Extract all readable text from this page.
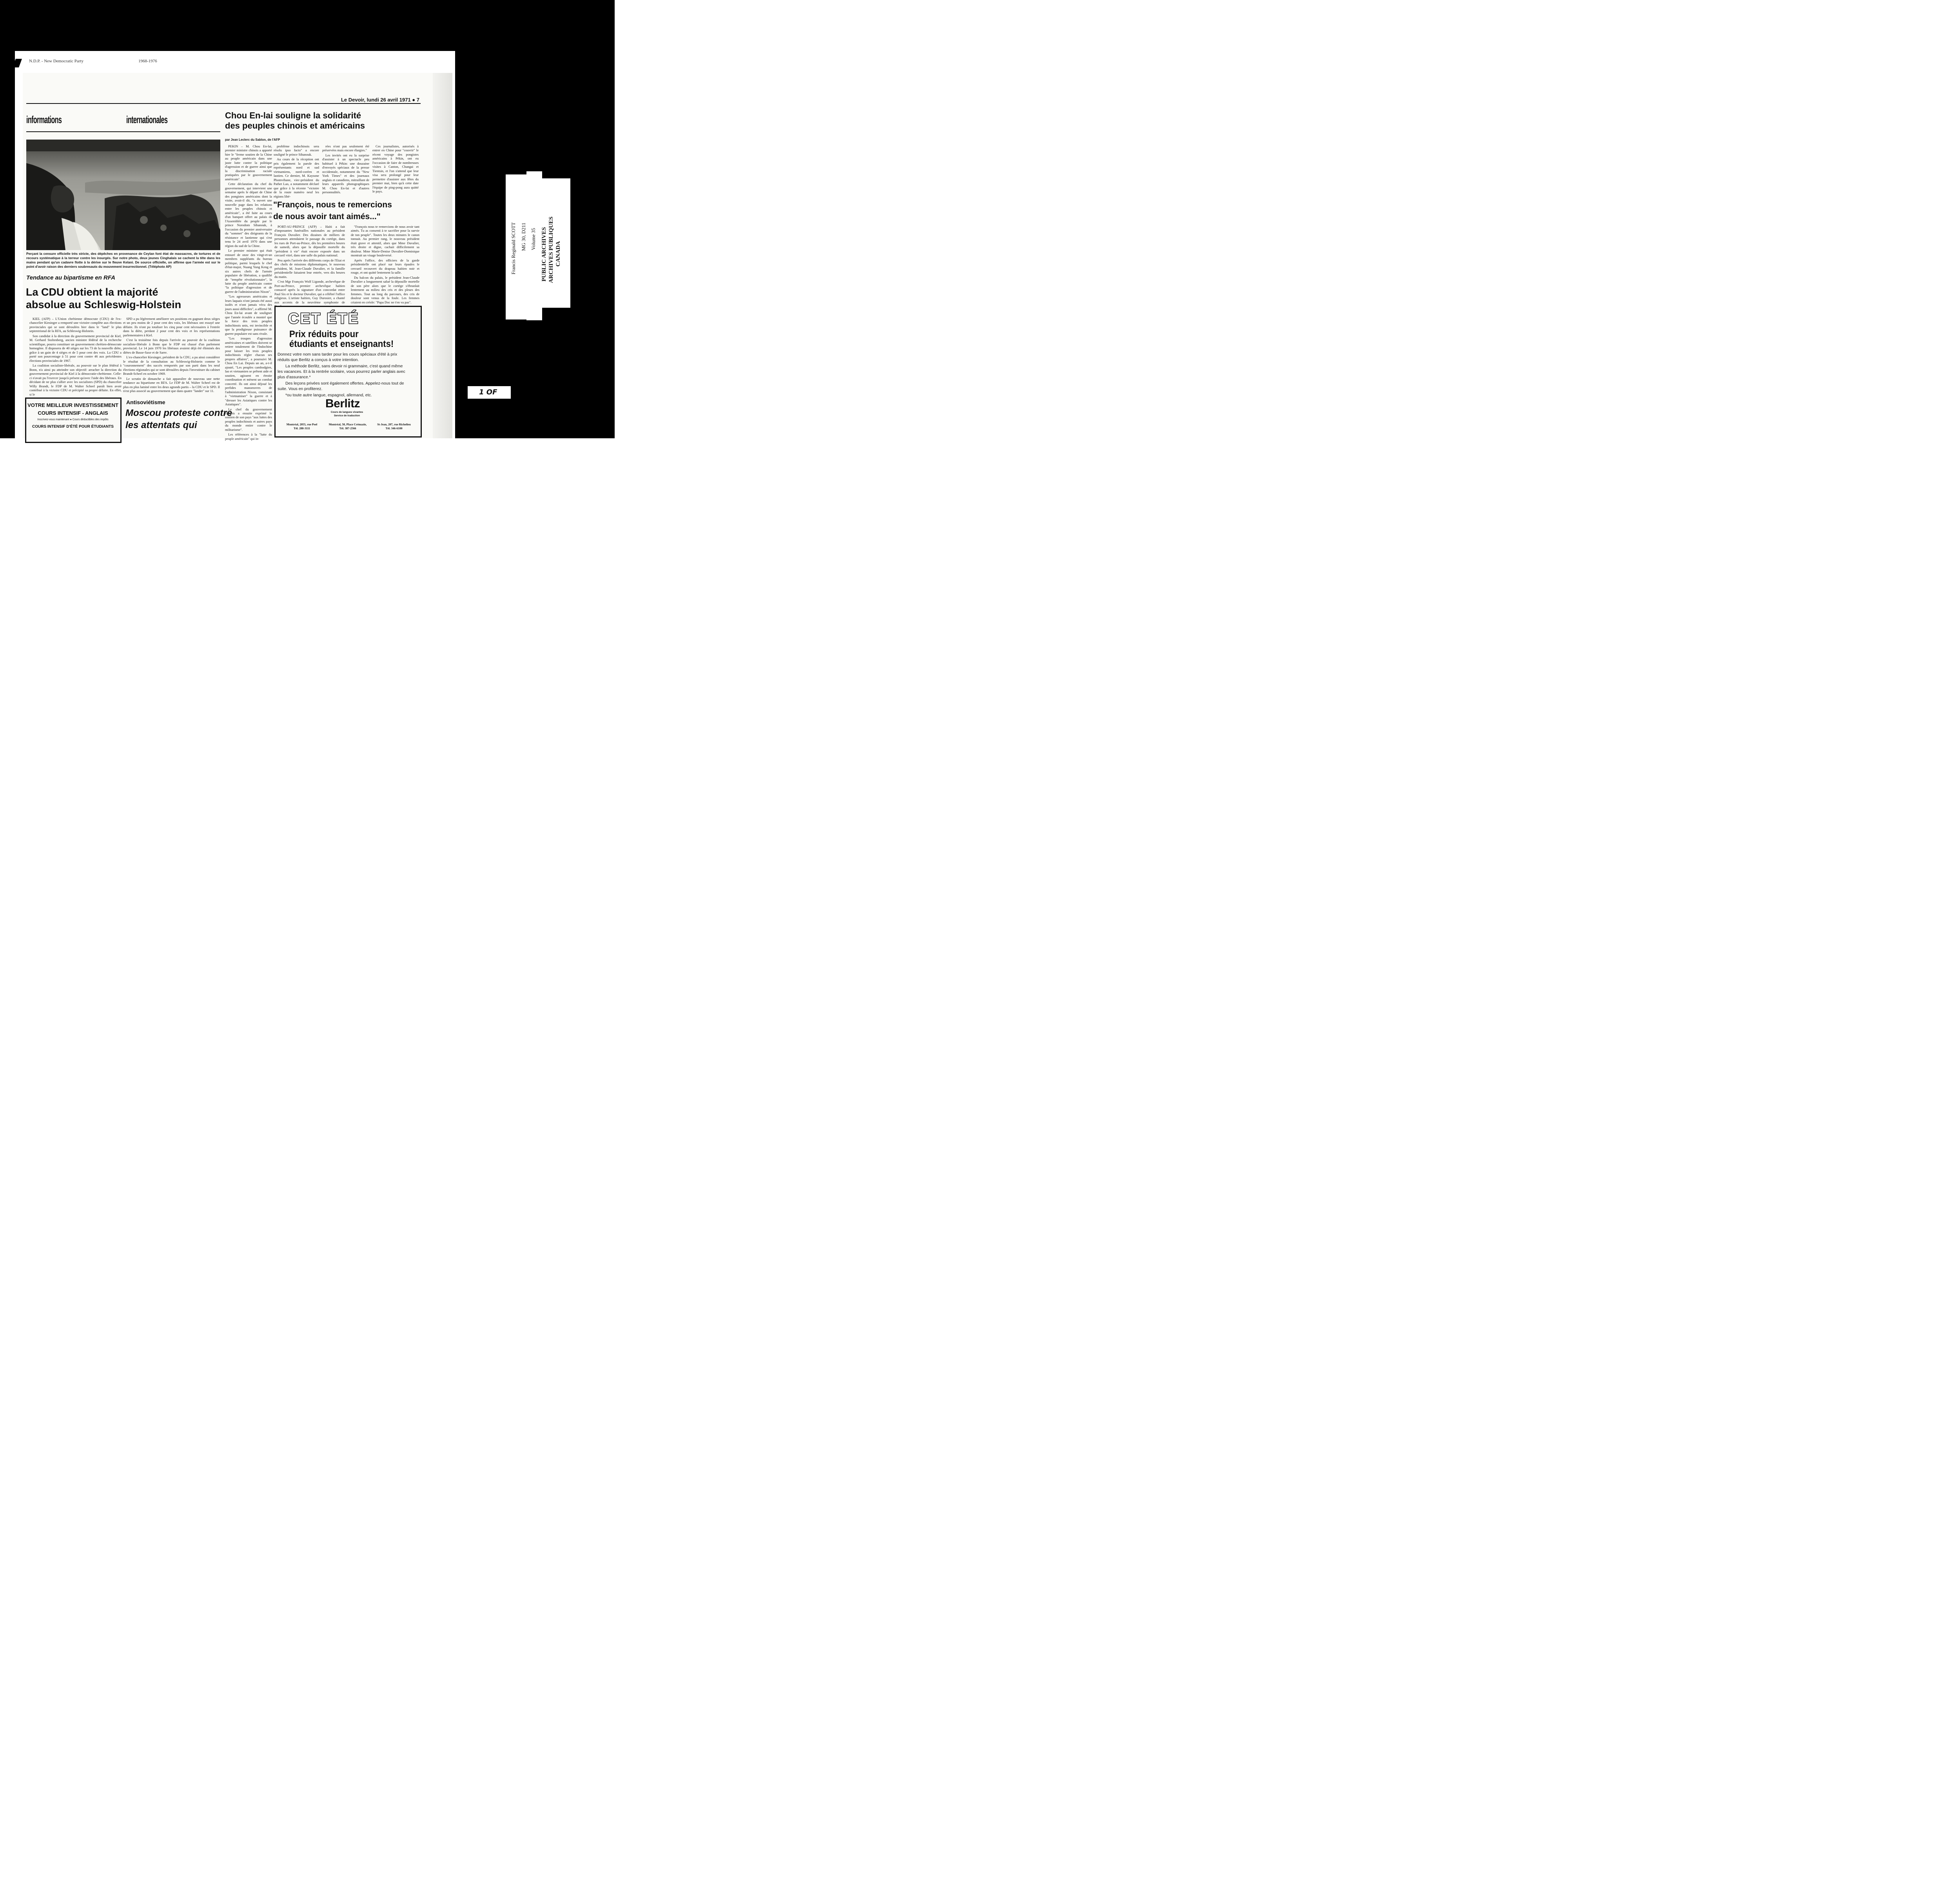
N.D.P. - New Democratic Party	1968-1976
Le Devoir, lundi 26 avril 1971 ● 7
informations	internationales
Perçant la censure officielle très stricte, des dépêches en provenance de Ceylan font état de massacres, de tortures et de recours systématique à la terreur contre les insurgés. Sur notre photo, deux jeunes Cinghalais se cachent la tête dans les mains pendant qu'un cadavre flotte à la dérive sur le fleuve Kelani. De source officielle, on affirme que l'armée est sur le point d'avoir raison des derniers soubresauts du mouvement insurrectionnel. (Téléphoto AP)
Tendance au bipartisme en RFA
La CDU obtient la majorité
absolue au Schleswig-Holstein

KIEL (AFP) – L'Union chrétienne démocrate (CDU) de l'ex-chancelier Kiesinger a remporté une victoire complète aux élections provinciales qui se sont déroulées hier dans le "land" le plus septentrional de la RFA, au Schleswig-Holstein.

Son candidat à la direction du gouvernement provincial de Kiel, M. Gerhard Stoltenberg, ancien ministre fédéral de la recherche scientifique, pourra constituer un gouvernement chrétien-démocrate homogène. Il disposera de 40 sièges sur les 73 de la nouvelle diète, grâce à un gain de 4 sièges et de 5 pour cent des voix. La CDU a porté son pourcentage à 51 pour cent contre 46 aux précédentes élections provinciales de 1967.

La coalition socialiste-libérale, au pouvoir sur le plan fédéral à Bonn, n'a ainsi pu atteindre son objectif: arracher la direction du gouvernement provincial de Kiel à la démocratie-chrétienne. Celle-ci n'avait pu l'exercer jusqu'à présent qu'avec l'aide des libéraux. En décidant de ne plus s'allier avec les socialistes (SPD) du chancelier Willy Brandt, le FDP de M. Walter Scheel paraît bien avoir contribué à la victoire CDU et précipité sa propre défaite. En effet, si le

SPD a pu légèrement améliorer ses positions en gagnant deux sièges et un peu moins de 2 pour cent des voix, les libéraux ont essuyé une défaite. Ils n'ont pu totaliser les cinq pour cent nécessaires à l'entrée dans la diète, perdant 2 pour cent des voix et les représentations parlementaires à Kiel.

C'est la troisième fois depuis l'arrivée au pouvoir de la coalition socialiste-libérale à Bonn que le FDP est chassé d'un parlement provincial. Le 14 juin 1970 les libéraux avaient déjà été éliminés des diètes de Basse-Saxe et de Sarre.

L'ex-chancelier Kiesinger, président de la CDU, a pu ainsi considérer le résultat de la consultation au Schleswig-Holstein comme le "couronnement" des succès remportés par son parti dans les neuf élections régionales qui se sont déroulées depuis l'investiture du cabinet Brandt-Scheel en octobre 1969.

Le scrutin de dimanche a fait apparaître de nouveau une nette tendance au bipartisme en RFA. Le FDP de M. Walter Scheel est de plus en plus laminé entre les deux agrands partis – la CDU et le SPD. Il n'est plus associé au gouvernement que dans quatre "lander" sur 11.

VOTRE MEILLEUR INVESTISSEMENT
COURS INTENSIF - ANGLAIS
Inscrivez-vous maintenant ● Cours déductibles des impôts
COURS INTENSIF D'ÉTÉ POUR ÉTUDIANTS
Antisoviétisme
Moscou proteste contre
les attentats qui
Chou En-lai souligne la solidarité
des peuples chinois et américains
par Jean Leclerc du Sablon, de l'AFP

PEKIN – M. Chou En-lai, premier ministre chinois a apporté hier le "ferme soutien de la Chine au peuple américain dans une juste lutte contre la politique d'agression et de guerre ainsi que la discrimination raciale pratiquées par le gouvernement américain".

Cette déclaration du chef du gouvernement, qui intervient une semaine après le départ de Chine des pongistes américains dont la visite, avait-il dit, "a ouvert une nouvelle page dans les relations entre les peuples chinois et américain", a été faite au cours d'un banquet offert au palais de l'Assemblée du peuple par le prince Norodom Sihanouk, à l'occasion du premier anniversaire du "sommet" des dirigeants de la résistance et laotienne qui s'est tenu le 24 avril 1970 dans une région du sud de la Chine.

Le premier ministre qui était entouré de onze des vingt-et-un membres suppléants du bureau politique, parmi lesquels le chef d'état-major, Nuang Yung Keng et six autres chefs de l'armée populaire de libération, a qualifié de "tempête révolutionnaire", la lutte du peuple américain contre "la politique d'agression et de guerre de l'administration Nixon".

"Les agresseurs américains et leurs laquais n'ont jamais été aussi isolés et n'ont jamais vécu des jours aussi difficiles", a affirmé M. Chou En-lai avant de souligner que l'année écoulée a montré que la force des trois peuples indochinois unis, est invincible et que la prodigieuse puissance de guerre populaire est sans rivale.

"Les troupes d'agression américaines et satellites doivent se retirer totalement de l'Indochine pour laisser les trois peuples indochinois régler chacun ses propres affaires", a poursuivi M. Chou En Lai. Depuis un an, a-t-il ajouté, "Les peuples cambodgien, lao et vietnamien se prêtent aide et soutien, agissent en étroite coordination et mènent un combat concerté. Ils ont ainsi déjoué les perfides manoeuvres de l'administration Nixon, consistant à "vietnamiser" la guerre et à "dresser les Asiatiques contre les Asiatiques".

Le chef du gouvernement chinois a ensuite exprimé le soutien de son pays "aux luttes des peuples indochinois et autres pays du monde entier contre le militarisme".

Les références à la "lutte du peuple américain" qui in-

problème indochinois sera résolu ipso facto" a encore souligné le prince Sihanouk.

Au cours de la réception ont pris également la parole des représentants nord et sud vietnamiens, nord-coréen et laotien. Ce dernier, M. Kaysone Phomvihane, viec-président du Pathet Lao, a notamment déclaré que grâce à la récente "victoire de la route numéro neuf les régions libé-

rées n'ont pas seulement été préservées mais encore élargies."

Les invités ont eu la surprise d'assister à un spectacle peu habituel à Pékin: une douzaine d'envoyés spéciaux de la presse occidentale, notamment du "New York Times" et des journaux anglais et canadiens, mitraillant de leurs appareils photographiques M. Chou En-lai et d'autres personnalités.

Ces journalistes, autorisés à entrer en Chine pour "couvrir" le récent voyage des pongistes américains à Pékin, ont eu l'occasion de faire de nombreuses visites à Canton, Changai et Tientsin, et l'on s'attend que leur visa sera prolongé pour leur permettre d'assister aux fêtes du premier mai, bien qu'à cette date l'équipe de ping-pong aura quitté le pays.

"François, nous te remercions
de nous avoir tant aimés..."

PORT-AU-PRINCE (AFP) – Haïti a fait d'imposantes funérailles nationales au président François Duvalier. Des dizaines de milliers de personnes attendaient le passage du cortège, dans les rues de Port-au-Prince, dès les premières heures de samedi, alors que la dépouille mortelle du "président à vie" était encore exposée dans un cercueil vitré, dans une salle du palais national.

Peu après l'arrivée des différents corps de l'Etat et des chefs de missions diplomatiques, le nouveau président, M. Jean-Claude Duvalier, et la famille présidentielle faisaient leur entrée, vers dix heures du matin.

C'est Mgr François Wolf Ligonde, archevêque de Port-au-Prince, premier archevêque haïtien consacré après la signature d'un concordat entre Paul Six et le docteur Duvalier, qui a célébré l'office religieux. L'artiste haïtien, Guy Durosier, a chanté aux accents de la neuvième symphonie de

"François nous te remercions de nous avoir tant aimés. Tu as consenti à te sacrifier pour la survie de ton peuple". Toutes les deux minutes le canon tonnait. Au premier rang, le nouveau président était grave et attentif, alors que Mme Duvalier, très droite et digne, cachait difficilement sa douleur. Mme Marie-Denise Duvalier-Dominique montrait un visage bouleversé.

Après l'office, des officiers de la garde présidentielle ont placé sur leurs épaules le cercueil recouvert du drapeau haïtien noir et rouge, et ont quitté lentement la salle.

Du balcon du palais, le président Jean-Claude Duvalier a longuement salué la dépouille mortelle de son père alors que le cortège s'ébranlait lentement au milieu des cris et des pleurs des femmes. Tout au long du parcours, des cris de douleur sont venus de la foule. Les femmes criaient en créole: "Papa Doc ne t'en va pas".

CET ÉTÉ
Prix réduits pour
étudiants et enseignants!

Donnez votre nom sans tarder pour les cours spéciaux d'été à prix réduits que Berlitz a conçus à votre intention.

La méthode Berlitz, sans devoir ni grammaire, c'est quand même les vacances. Et à la rentrée scolaire, vous pourrez parler anglais avec plus d'assurance.*

Des leçons privées sont également offertes. Appelez-nous tout de suite. Vous en profiterez.

*ou toute autre langue, espagnol, allemand, etc.

Berlitz
Cours de langues vivantes
Service de traduction
Montréal, 2055, rue Peel
Tél. 288-3111
Montréal, 50, Place Crémazie,
Tél. 387-2566
St-Jean, 207, rue Richelieu
Tél. 346-6100
Francis Reginald SCOTT MG 30, D211 Volume 35 PUBLIC ARCHIVES ARCHIVES PUBLIQUES CANADA
1 OF
